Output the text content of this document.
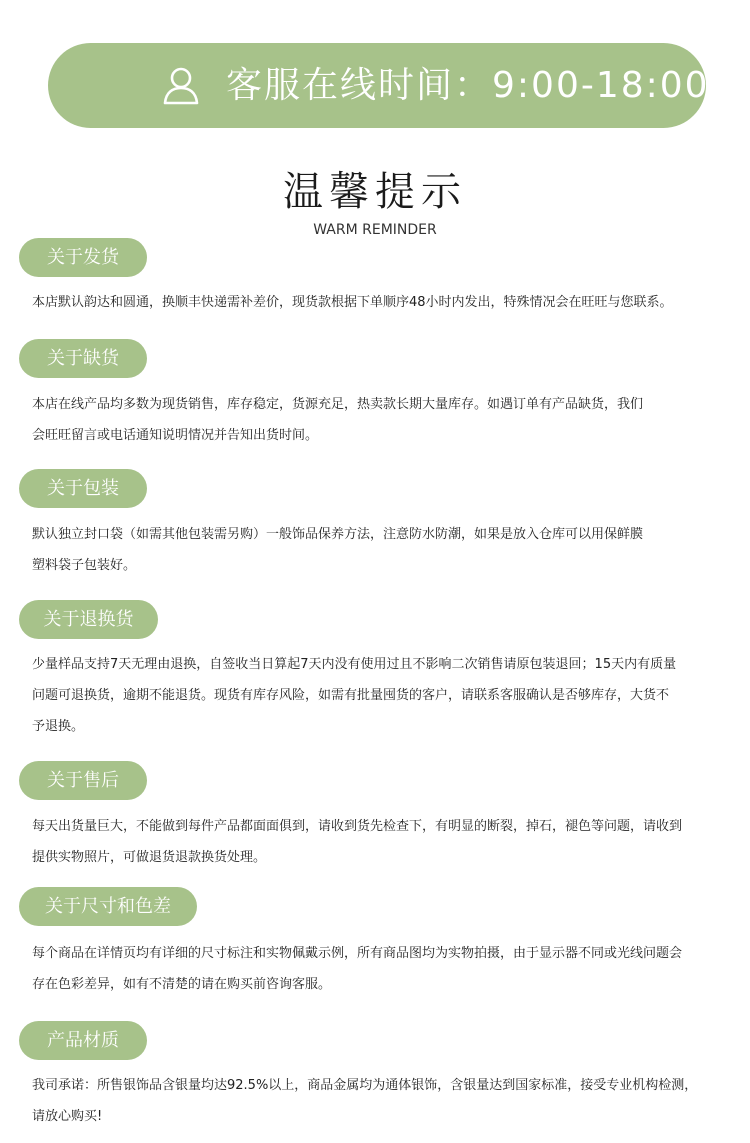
客服在线时间：9:00-18:00
温馨提示
WARM REMINDER
关于发货
本店默认韵达和圆通，换顺丰快递需补差价，现货款根据下单顺序48小时内发出，特殊情况会在旺旺与您联系。
关于缺货
本店在线产品均多数为现货销售，库存稳定，货源充足，热卖款长期大量库存。如遇订单有产品缺货，我们
会旺旺留言或电话通知说明情况并告知出货时间。
关于包装
默认独立封口袋（如需其他包装需另购）一般饰品保养方法，注意防水防潮，如果是放入仓库可以用保鲜膜
塑料袋子包装好。
关于退换货
少量样品支持7天无理由退换，自签收当日算起7天内没有使用过且不影响二次销售请原包装退回；15天内有质量
问题可退换货，逾期不能退货。现货有库存风险，如需有批量囤货的客户，请联系客服确认是否够库存，大货不
予退换。
关于售后
每天出货量巨大，不能做到每件产品都面面俱到，请收到货先检查下，有明显的断裂，掉石，褪色等问题，请收到
提供实物照片，可做退货退款换货处理。
关于尺寸和色差
每个商品在详情页均有详细的尺寸标注和实物佩戴示例，所有商品图均为实物拍摄，由于显示器不同或光线问题会
存在色彩差异，如有不清楚的请在购买前咨询客服。
产品材质
我司承诺：所售银饰品含银量均达92.5%以上，商品金属均为通体银饰，含银量达到国家标准，接受专业机构检测，
请放心购买!
